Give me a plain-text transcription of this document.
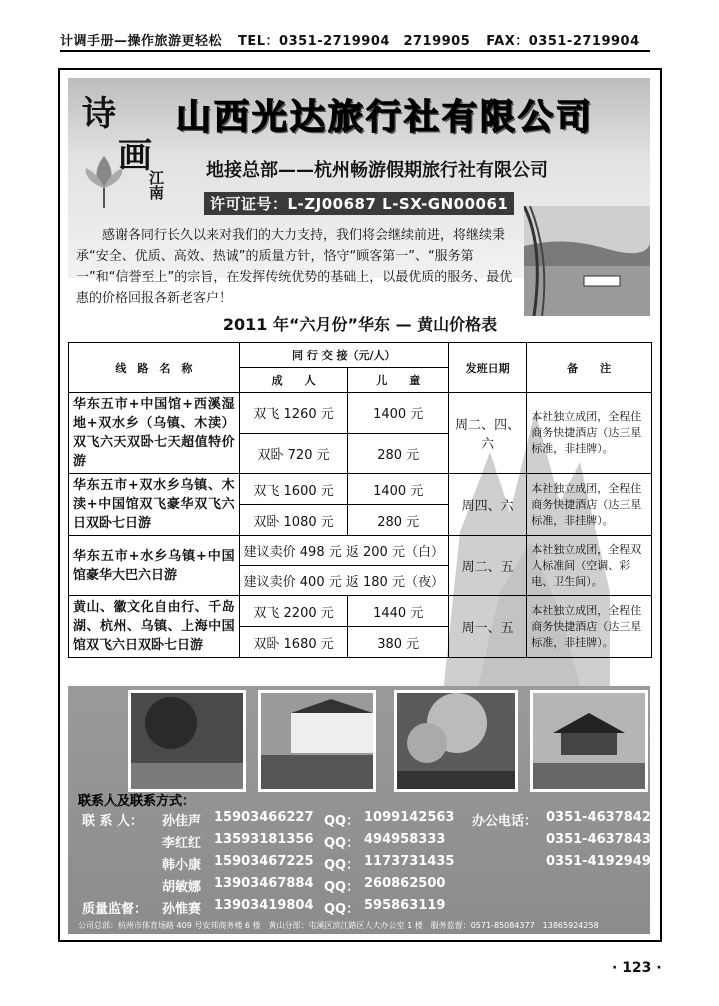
计调手册—操作旅游更轻松 TEL：0351-2719904　2719905 FAX：0351-2719904
诗
画
江南
山西光达旅行社有限公司
地接总部——杭州畅游假期旅行社有限公司
许可证号：L-ZJ00687 L-SX-GN00061
感谢各同行长久以来对我们的大力支持，我们将会继续前进，将继续秉承“安全、优质、高效、热诚”的质量方针，恪守“顾客第一”、“服务第一”和“信誉至上”的宗旨，在发挥传统优势的基础上，以最优质的服务、最优惠的价格回报各新老客户！
2011 年“六月份”华东 — 黄山价格表
线　路　名　称	同 行 交 接（元/人）		发班日期	备　　注
	成　　人	儿　　童		
华东五市+中国馆+西溪湿地+双水乡（乌镇、木渎）双飞六天双卧七天超值特价游	双飞 1260 元	1400 元	周二、四、六	本社独立成团，全程住商务快捷酒店（达三星标准，非挂牌）。
	双卧 720 元	280 元		
华东五市+双水乡乌镇、木渎+中国馆双飞豪华双飞六日双卧七日游	双飞 1600 元	1400 元	周四、六	本社独立成团，全程住商务快捷酒店（达三星标准，非挂牌）。
	双卧 1080 元	280 元		
华东五市+水乡乌镇+中国馆豪华大巴六日游	建议卖价 498 元 返 200 元（白）		周二、五	本社独立成团，全程双人标准间（空调、彩电、卫生间）。
	建议卖价 400 元 返 180 元（夜）			
黄山、徽文化自由行、千岛湖、杭州、乌镇、上海中国馆双飞六日双卧七日游	双飞 2200 元	1440 元	周一、五	本社独立成团，全程住商务快捷酒店（达三星标准，非挂牌）。
	双卧 1680 元	380 元		
联系人及联系方式：
联 系 人： 孙佳声 15903466227 QQ： 1099142563 办公电话： 0351-4637842
李红红 13593181356 QQ： 494958333	0351-4637843
韩小康 15903467225 QQ： 1173731435	0351-4192949
胡敏娜 13903467884 QQ： 260862500
质量监督： 孙惟赛 13903419804 QQ： 595863119
公司总部：杭州市体育场路 409 号安邦商务楼 6 楼　黄山分部：屯溪区滨江路区人大办公室 1 楼　服务监督：0571-85084377　13865924258
· 123 ·
